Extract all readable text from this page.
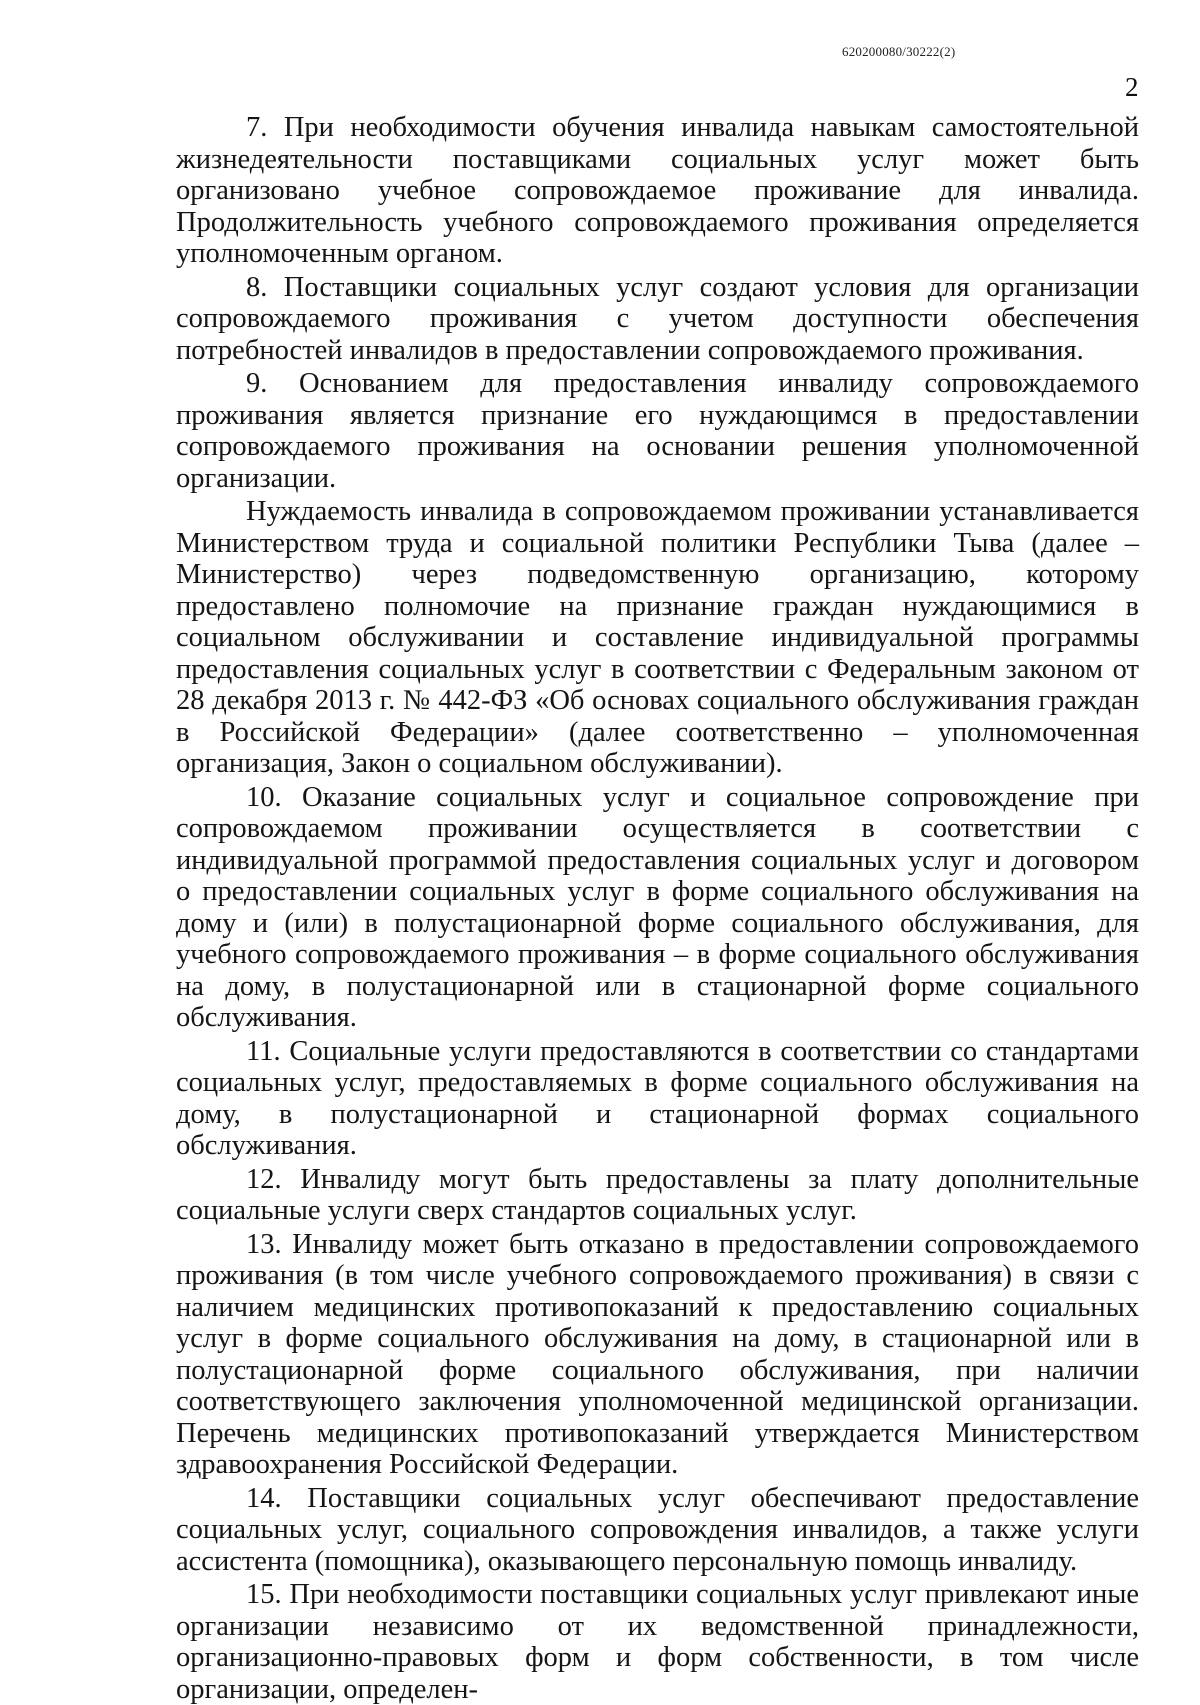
620200080/30222(2)
2

7. При необходимости обучения инвалида навыкам самостоятельной жизнедеятельности поставщиками социальных услуг может быть организовано учебное сопровождаемое проживание для инвалида. Продолжительность учебного сопровождаемого проживания определяется уполномоченным органом.

8. Поставщики социальных услуг создают условия для организации сопровождаемого проживания с учетом доступности обеспечения потребностей инвалидов в предоставлении сопровождаемого проживания.

9. Основанием для предоставления инвалиду сопровождаемого проживания является признание его нуждающимся в предоставлении сопровождаемого проживания на основании решения уполномоченной организации.

Нуждаемость инвалида в сопровождаемом проживании устанавливается Министерством труда и социальной политики Республики Тыва (далее – Министерство) через подведомственную организацию, которому предоставлено полномочие на признание граждан нуждающимися в социальном обслуживании и составление индивидуальной программы предоставления социальных услуг в соответствии с Федеральным законом от 28 декабря 2013 г. № 442-ФЗ «Об основах социального обслуживания граждан в Российской Федерации» (далее соответственно – уполномоченная организация, Закон о социальном обслуживании).

10. Оказание социальных услуг и социальное сопровождение при сопровождаемом проживании осуществляется в соответствии с индивидуальной программой предоставления социальных услуг и договором о предоставлении социальных услуг в форме социального обслуживания на дому и (или) в полустационарной форме социального обслуживания, для учебного сопровождаемого проживания – в форме социального обслуживания на дому, в полустационарной или в стационарной форме социального обслуживания.

11. Социальные услуги предоставляются в соответствии со стандартами социальных услуг, предоставляемых в форме социального обслуживания на дому, в полустационарной и стационарной формах социального обслуживания.

12. Инвалиду могут быть предоставлены за плату дополнительные социальные услуги сверх стандартов социальных услуг.

13. Инвалиду может быть отказано в предоставлении сопровождаемого проживания (в том числе учебного сопровождаемого проживания) в связи с наличием медицинских противопоказаний к предоставлению социальных услуг в форме социального обслуживания на дому, в стационарной или в полустационарной форме социального обслуживания, при наличии соответствующего заключения уполномоченной медицинской организации. Перечень медицинских противопоказаний утверждается Министерством здравоохранения Российской Федерации.

14. Поставщики социальных услуг обеспечивают предоставление социальных услуг, социального сопровождения инвалидов, а также услуги ассистента (помощника), оказывающего персональную помощь инвалиду.

15. При необходимости поставщики социальных услуг привлекают иные организации независимо от их ведомственной принадлежности, организационно-правовых форм и форм собственности, в том числе организации, определен-
